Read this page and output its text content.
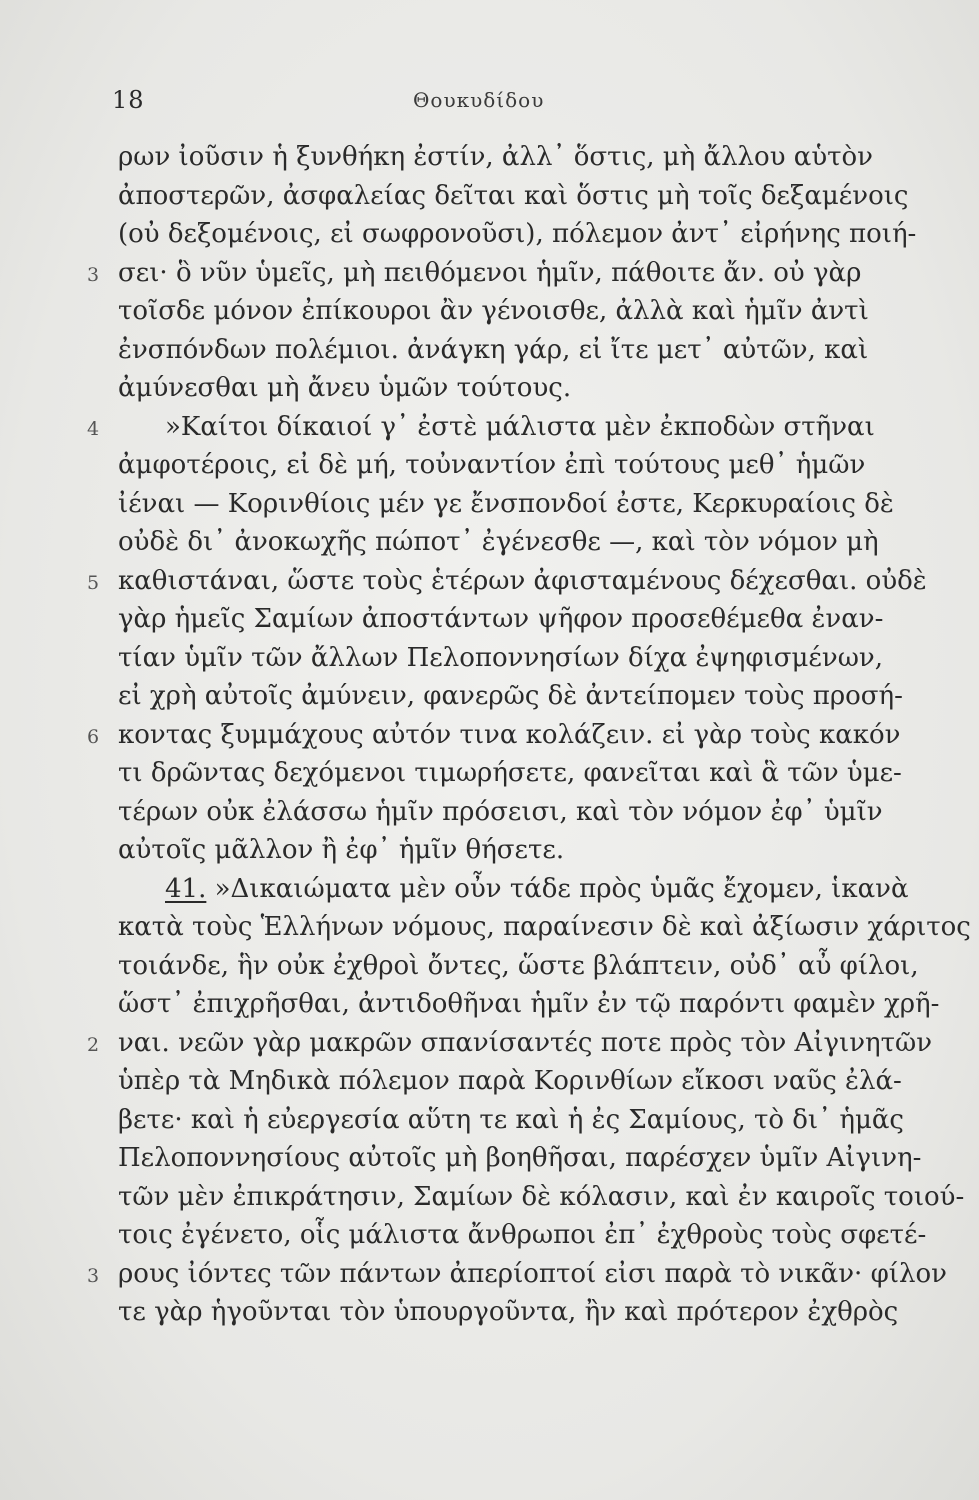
18	Θουκυδίδου
ρων ἰοῦσιν ἡ ξυνθήκη ἐστίν, ἀλλ᾽ ὅστις, μὴ ἄλλου αὑτὸν
ἀποστερῶν, ἀσφαλείας δεῖται καὶ ὅστις μὴ τοῖς δεξαμένοις
(οὐ δεξομένοις, εἰ σωφρονοῦσι), πόλεμον ἀντ᾽ εἰρήνης ποιή-
3 σει· ὃ νῦν ὑμεῖς, μὴ πειθόμενοι ἡμῖν, πάθοιτε ἄν. οὐ γὰρ
τοῖσδε μόνον ἐπίκουροι ἂν γένοισθε, ἀλλὰ καὶ ἡμῖν ἀντὶ
ἐνσπόνδων πολέμιοι. ἀνάγκη γάρ, εἰ ἴτε μετ᾽ αὐτῶν, καὶ
ἀμύνεσθαι μὴ ἄνευ ὑμῶν τούτους.
4	»Καίτοι δίκαιοί γ᾽ ἐστὲ μάλιστα μὲν ἐκποδὼν στῆναι
ἀμφοτέροις, εἰ δὲ μή, τοὐναντίον ἐπὶ τούτους μεθ᾽ ἡμῶν
ἰέναι — Κορινθίοις μέν γε ἔνσπονδοί ἐστε, Κερκυραίοις δὲ
οὐδὲ δι᾽ ἀνοκωχῆς πώποτ᾽ ἐγένεσθε —, καὶ τὸν νόμον μὴ
5 καθιστάναι, ὥστε τοὺς ἑτέρων ἀφισταμένους δέχεσθαι. οὐδὲ
γὰρ ἡμεῖς Σαμίων ἀποστάντων ψῆφον προσεθέμεθα ἐναν-
τίαν ὑμῖν τῶν ἄλλων Πελοποννησίων δίχα ἐψηφισμένων,
εἰ χρὴ αὐτοῖς ἀμύνειν, φανερῶς δὲ ἀντείπομεν τοὺς προσή-
6 κοντας ξυμμάχους αὐτόν τινα κολάζειν. εἰ γὰρ τοὺς κακόν
τι δρῶντας δεχόμενοι τιμωρήσετε, φανεῖται καὶ ἃ τῶν ὑμε-
τέρων οὐκ ἐλάσσω ἡμῖν πρόσεισι, καὶ τὸν νόμον ἐφ᾽ ὑμῖν
αὐτοῖς μᾶλλον ἢ ἐφ᾽ ἡμῖν θήσετε.
41. »Δικαιώματα μὲν οὖν τάδε πρὸς ὑμᾶς ἔχομεν, ἱκανὰ
κατὰ τοὺς Ἑλλήνων νόμους, παραίνεσιν δὲ καὶ ἀξίωσιν χάριτος
τοιάνδε, ἣν οὐκ ἐχθροὶ ὄντες, ὥστε βλάπτειν, οὐδ᾽ αὖ φίλοι,
ὥστ᾽ ἐπιχρῆσθαι, ἀντιδοθῆναι ἡμῖν ἐν τῷ παρόντι φαμὲν χρῆ-
2 ναι. νεῶν γὰρ μακρῶν σπανίσαντές ποτε πρὸς τὸν Αἰγινητῶν
ὑπὲρ τὰ Μηδικὰ πόλεμον παρὰ Κορινθίων εἴκοσι ναῦς ἐλά-
βετε· καὶ ἡ εὐεργεσία αὕτη τε καὶ ἡ ἐς Σαμίους, τὸ δι᾽ ἡμᾶς
Πελοποννησίους αὐτοῖς μὴ βοηθῆσαι, παρέσχεν ὑμῖν Αἰγινη-
τῶν μὲν ἐπικράτησιν, Σαμίων δὲ κόλασιν, καὶ ἐν καιροῖς τοιού-
τοις ἐγένετο, οἷς μάλιστα ἄνθρωποι ἐπ᾽ ἐχθροὺς τοὺς σφετέ-
3 ρους ἰόντες τῶν πάντων ἀπερίοπτοί εἰσι παρὰ τὸ νικᾶν· φίλον
τε γὰρ ἡγοῦνται τὸν ὑπουργοῦντα, ἢν καὶ πρότερον ἐχθρὸς
